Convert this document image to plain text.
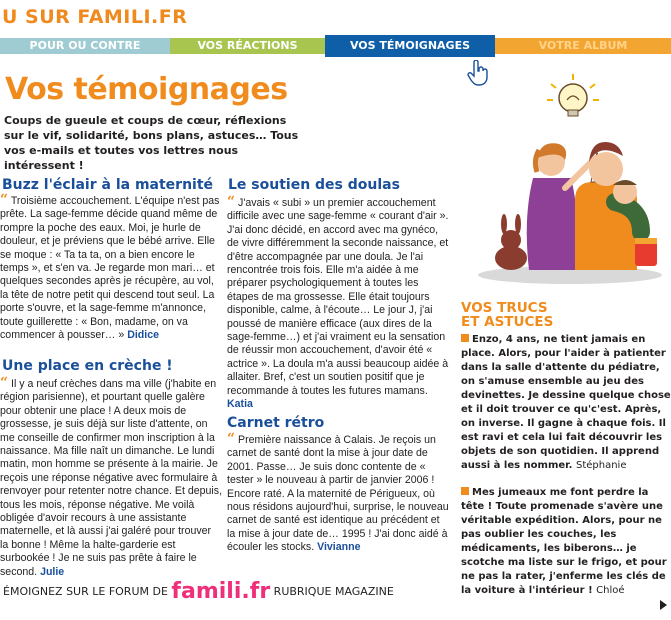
U SUR FAMILI.FR
POUR OU CONTRE	VOS RÉACTIONS	VOS TÉMOIGNAGES	VOTRE ALBUM
Vos témoignages

Coups de gueule et coups de cœur, réflexions sur le vif, solidarité, bons plans, astuces… Tous vos e-mails et toutes vos lettres nous intéressent !

Buzz l'éclair à la maternité
“ Troisième accouchement. L'équipe n'est pas prête. La sage-femme décide quand même de rompre la poche des eaux. Moi, je hurle de douleur, et je préviens que le bébé arrive. Elle se moque : « Ta ta ta, on a bien encore le temps », et s'en va. Je regarde mon mari… et quelques secondes après je récupère, au vol, la tête de notre petit qui descend tout seul. La porte s'ouvre, et la sage-femme m'annonce, toute guillerette : « Bon, madame, on va commencer à pousser… » Didice
Une place en crèche !
“ Il y a neuf crèches dans ma ville (j'habite en région parisienne), et pourtant quelle galère pour obtenir une place ! A deux mois de grossesse, je suis déjà sur liste d'attente, on me conseille de confirmer mon inscription à la naissance. Ma fille naît un dimanche. Le lundi matin, mon homme se présente à la mairie. Je reçois une réponse négative avec formulaire à renvoyer pour retenter notre chance. Et depuis, tous les mois, réponse négative. Me voilà obligée d'avoir recours à une assistante maternelle, et là aussi j'ai galéré pour trouver la bonne ! Même la halte-garderie est surbookée ! Je ne suis pas prête à faire le second. Julie
Le soutien des doulas
“ J'avais « subi » un premier accouchement difficile avec une sage-femme « courant d'air ». J'ai donc décidé, en accord avec ma gynéco, de vivre différemment la seconde naissance, et d'être accompagnée par une doula. Je l'ai rencontrée trois fois. Elle m'a aidée à me préparer psychologiquement à toutes les étapes de ma grossesse. Elle était toujours disponible, calme, à l'écoute… Le jour J, j'ai poussé de manière efficace (aux dires de la sage-femme…) et j'ai vraiment eu la sensation de réussir mon accouchement, d'avoir été « actrice ». La doula m'a aussi beaucoup aidée à allaiter. Bref, c'est un soutien positif que je recommande à toutes les futures mamans. Katia
Carnet rétro
“ Première naissance à Calais. Je reçois un carnet de santé dont la mise à jour date de 2001. Passe… Je suis donc contente de « tester » le nouveau à partir de janvier 2006 ! Encore raté. A la maternité de Périgueux, où nous résidons aujourd'hui, surprise, le nouveau carnet de santé est identique au précédent et la mise à jour date de… 1995 ! J'ai donc aidé à écouler les stocks. Vivianne
VOS TRUCS
ET ASTUCES
Enzo, 4 ans, ne tient jamais en place. Alors, pour l'aider à patienter dans la salle d'attente du pédiatre, on s'amuse ensemble au jeu des devinettes. Je dessine quelque chose et il doit trouver ce qu'c'est. Après, on inverse. Il gagne à chaque fois. Il est ravi et cela lui fait découvrir les objets de son quotidien. Il apprend aussi à les nommer. Stéphanie
Mes jumeaux me font perdre la tête ! Toute promenade s'avère une véritable expédition. Alors, pour ne pas oublier les couches, les médicaments, les biberons… je scotche ma liste sur le frigo, et pour ne pas la rater, j'enferme les clés de la voiture à l'intérieur ! Chloé
ÉMOIGNEZ SUR LE FORUM DE famili.fr RUBRIQUE MAGAZINE
